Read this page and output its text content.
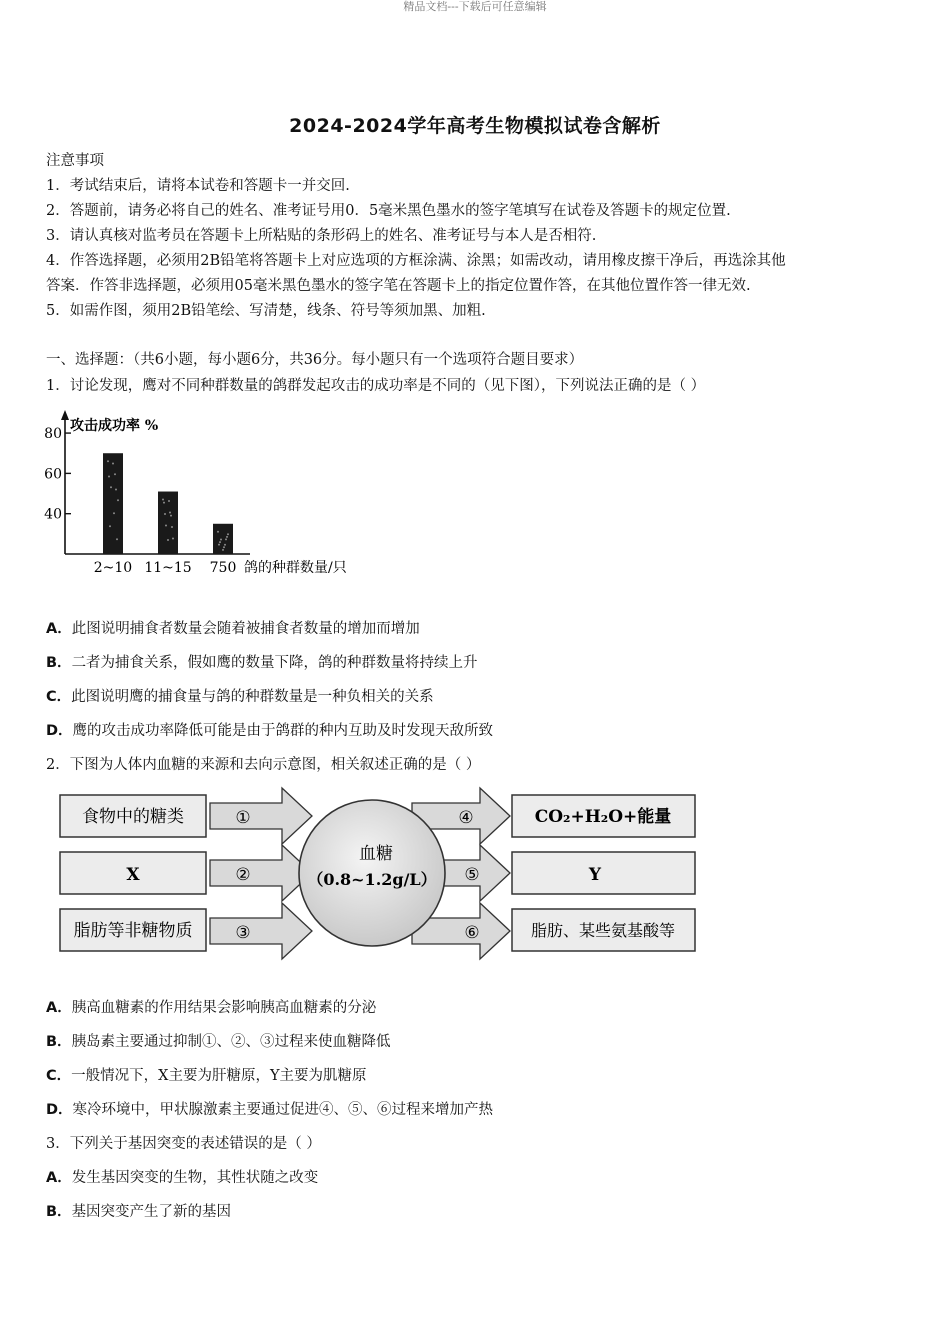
精品文档---下载后可任意编辑
2024-2024学年高考生物模拟试卷含解析
注意事项
1．考试结束后，请将本试卷和答题卡一并交回.
2．答题前，请务必将自己的姓名、准考证号用0．5毫米黑色墨水的签字笔填写在试卷及答题卡的规定位置.
3．请认真核对监考员在答题卡上所粘贴的条形码上的姓名、准考证号与本人是否相符.
4．作答选择题，必须用2B铅笔将答题卡上对应选项的方框涂满、涂黑；如需改动，请用橡皮擦干净后，再选涂其他
答案．作答非选择题，必须用05毫米黑色墨水的签字笔在答题卡上的指定位置作答，在其他位置作答一律无效.
5．如需作图，须用2B铅笔绘、写清楚，线条、符号等须加黑、加粗.
一、选择题：（共6小题，每小题6分，共36分。每小题只有一个选项符合题目要求）
1．讨论发现，鹰对不同种群数量的鸽群发起攻击的成功率是不同的（见下图），下列说法正确的是（ ）
攻击成功率 %
鸽的种群数量/只
40
60
80
2~10 11~15 750
A．此图说明捕食者数量会随着被捕食者数量的增加而增加
B．二者为捕食关系，假如鹰的数量下降，鸽的种群数量将持续上升
C．此图说明鹰的捕食量与鸽的种群数量是一种负相关的关系
D．鹰的攻击成功率降低可能是由于鸽群的种内互助及时发现天敌所致
2．下图为人体内血糖的来源和去向示意图，相关叙述正确的是（ ）
食物中的糖类
X
脂肪等非糖物质
①
②
③
④
⑤
⑥
血糖
（0.8~1.2g/L）
CO₂+H₂O+能量
Y
脂肪、某些氨基酸等
A．胰高血糖素的作用结果会影响胰高血糖素的分泌
B．胰岛素主要通过抑制①、②、③过程来使血糖降低
C．一般情况下，X主要为肝糖原，Y主要为肌糖原
D．寒冷环境中，甲状腺激素主要通过促进④、⑤、⑥过程来增加产热
3．下列关于基因突变的表述错误的是（ ）
A．发生基因突变的生物，其性状随之改变
B．基因突变产生了新的基因
